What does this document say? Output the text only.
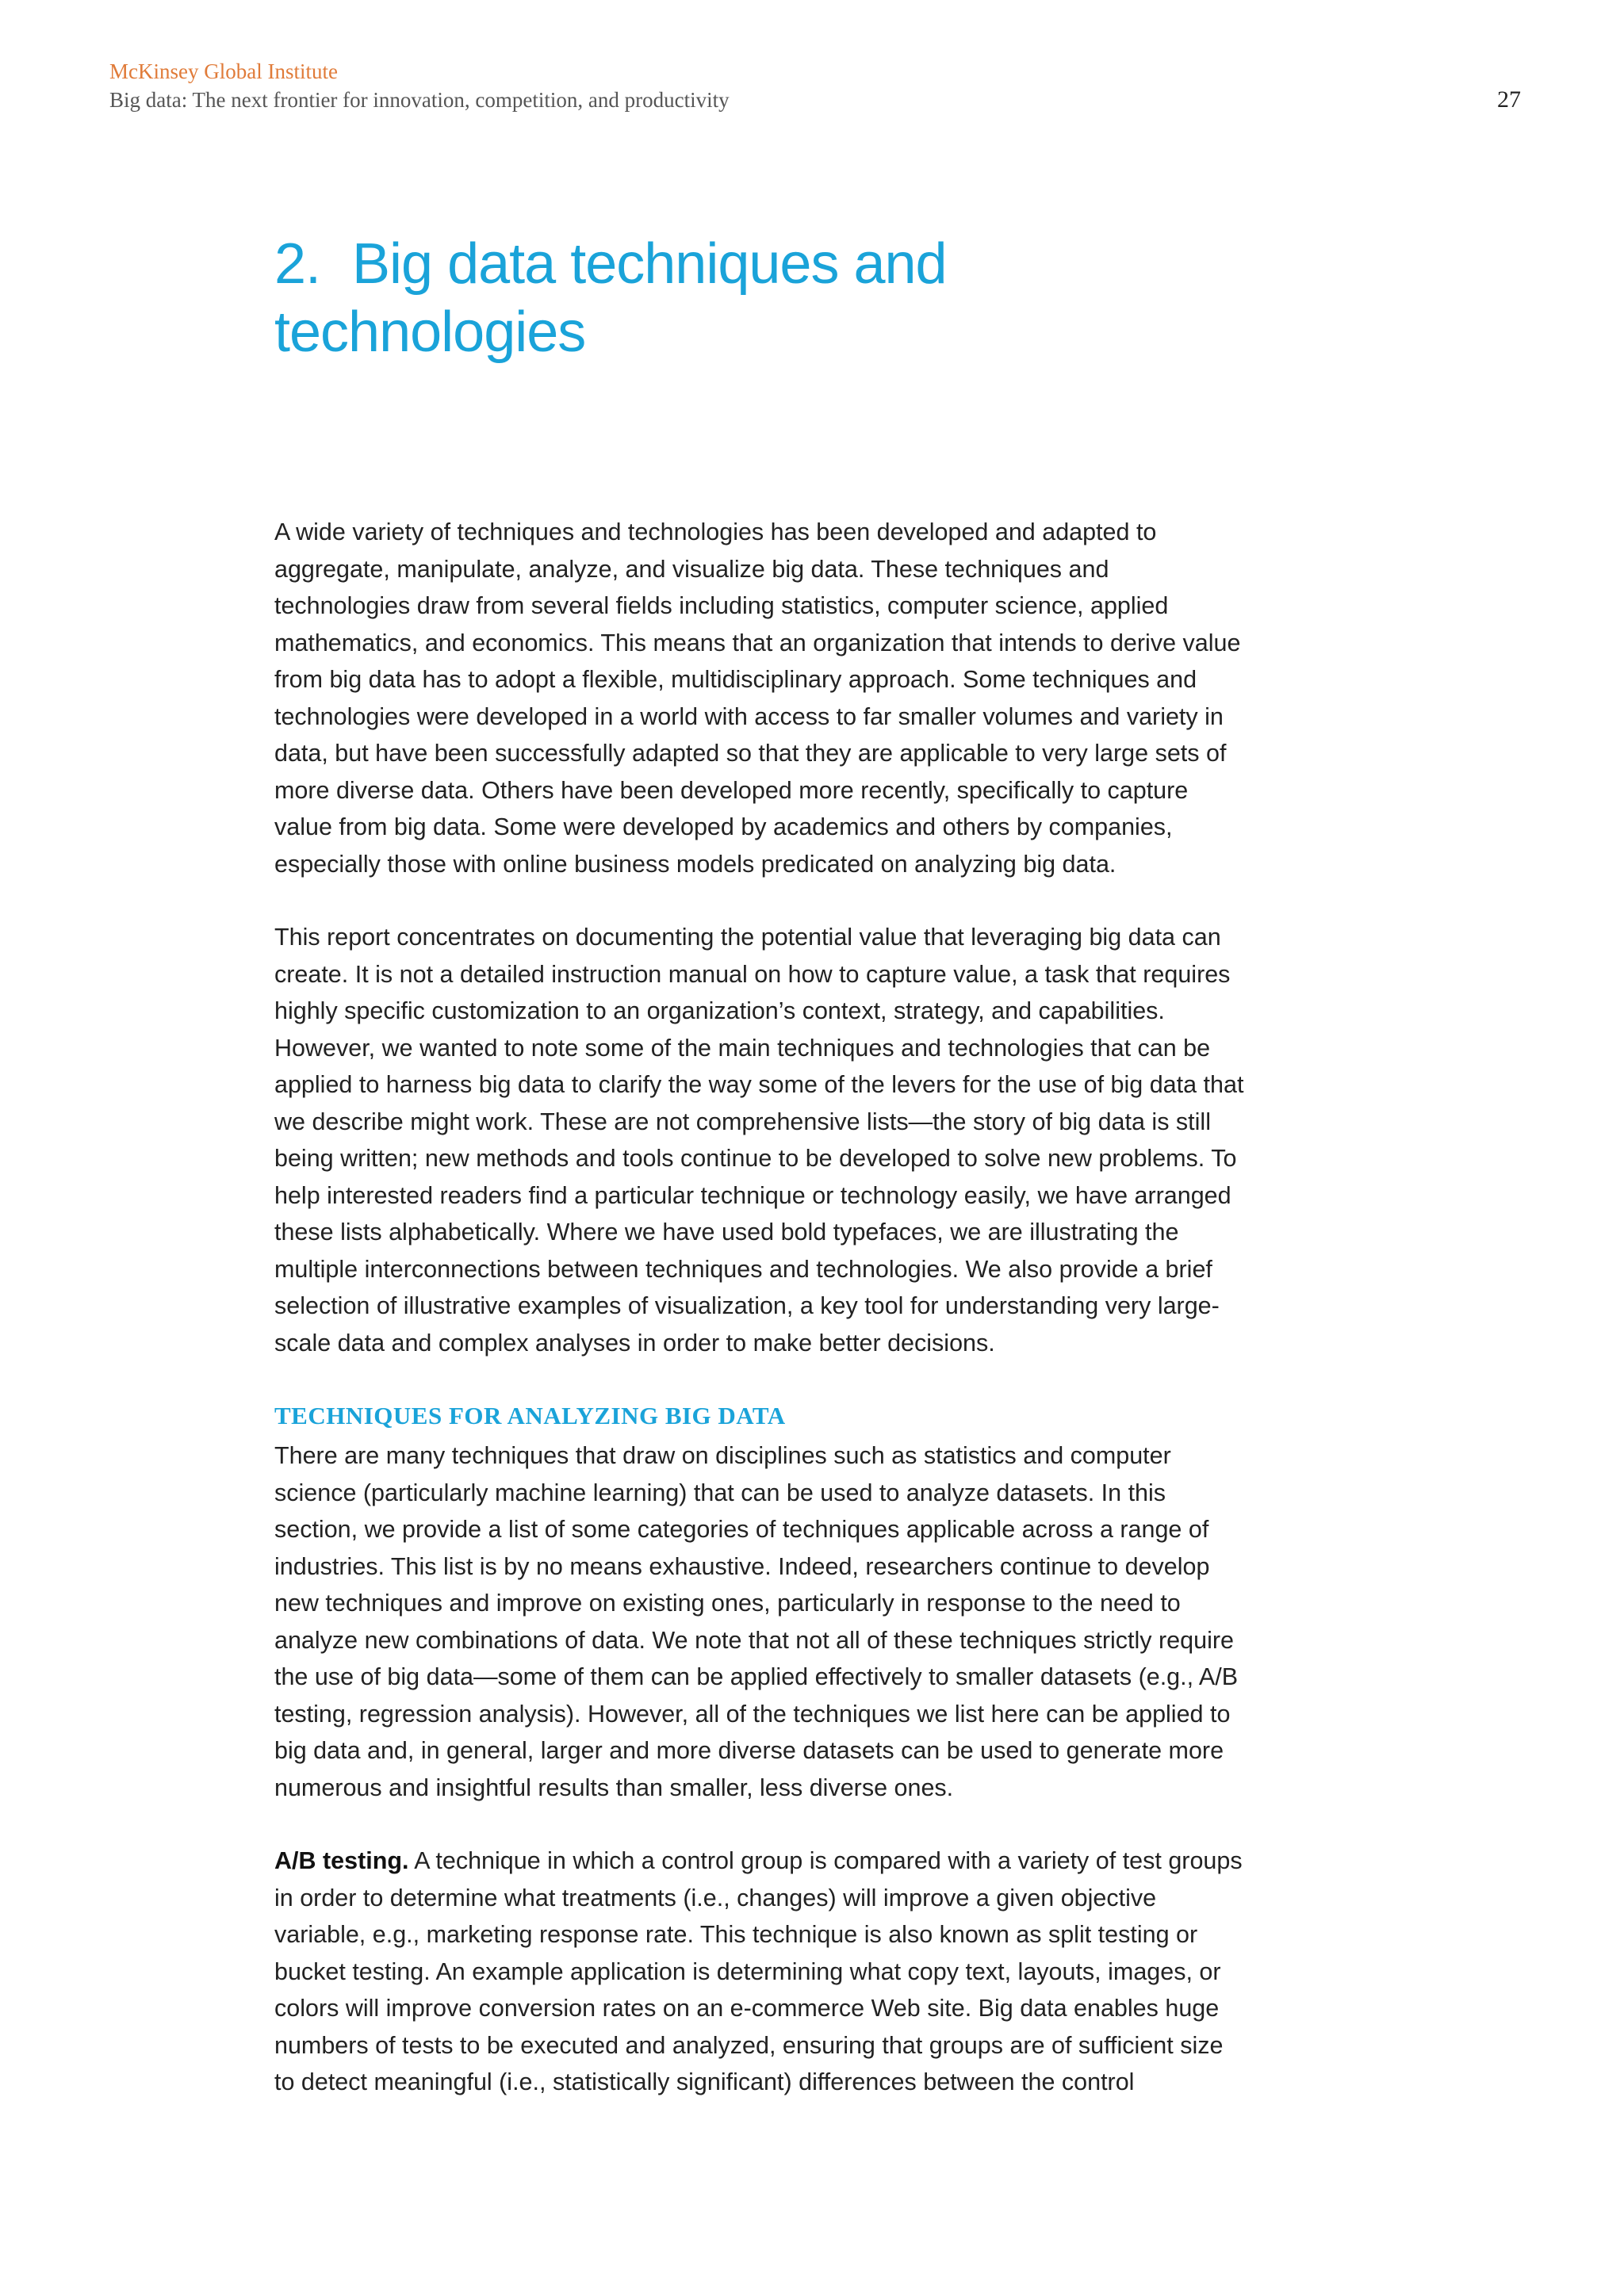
McKinsey Global Institute
Big data: The next frontier for innovation, competition, and productivity	27
2. Big data techniques and
technologies

A wide variety of techniques and technologies has been developed and adapted to aggregate, manipulate, analyze, and visualize big data. These techniques and technologies draw from several fields including statistics, computer science, applied mathematics, and economics. This means that an organization that intends to derive value from big data has to adopt a flexible, multidisciplinary approach. Some techniques and technologies were developed in a world with access to far smaller volumes and variety in data, but have been successfully adapted so that they are applicable to very large sets of more diverse data. Others have been developed more recently, specifically to capture value from big data. Some were developed by academics and others by companies, especially those with online business models predicated on analyzing big data.

This report concentrates on documenting the potential value that leveraging big data can create. It is not a detailed instruction manual on how to capture value, a task that requires highly specific customization to an organization’s context, strategy, and capabilities. However, we wanted to note some of the main techniques and technologies that can be applied to harness big data to clarify the way some of the levers for the use of big data that we describe might work. These are not comprehensive lists—the story of big data is still being written; new methods and tools continue to be developed to solve new problems. To help interested readers find a particular technique or technology easily, we have arranged these lists alphabetically. Where we have used bold typefaces, we are illustrating the multiple interconnections between techniques and technologies. We also provide a brief selection of illustrative examples of visualization, a key tool for understanding very large-scale data and complex analyses in order to make better decisions.

TECHNIQUES FOR ANALYZING BIG DATA

There are many techniques that draw on disciplines such as statistics and computer science (particularly machine learning) that can be used to analyze datasets. In this section, we provide a list of some categories of techniques applicable across a range of industries. This list is by no means exhaustive. Indeed, researchers continue to develop new techniques and improve on existing ones, particularly in response to the need to analyze new combinations of data. We note that not all of these techniques strictly require the use of big data—some of them can be applied effectively to smaller datasets (e.g., A/B testing, regression analysis). However, all of the techniques we list here can be applied to big data and, in general, larger and more diverse datasets can be used to generate more numerous and insightful results than smaller, less diverse ones.

A/B testing. A technique in which a control group is compared with a variety of test groups in order to determine what treatments (i.e., changes) will improve a given objective variable, e.g., marketing response rate. This technique is also known as split testing or bucket testing. An example application is determining what copy text, layouts, images, or colors will improve conversion rates on an e-commerce Web site. Big data enables huge numbers of tests to be executed and analyzed, ensuring that groups are of sufficient size to detect meaningful (i.e., statistically significant) differences between the control
